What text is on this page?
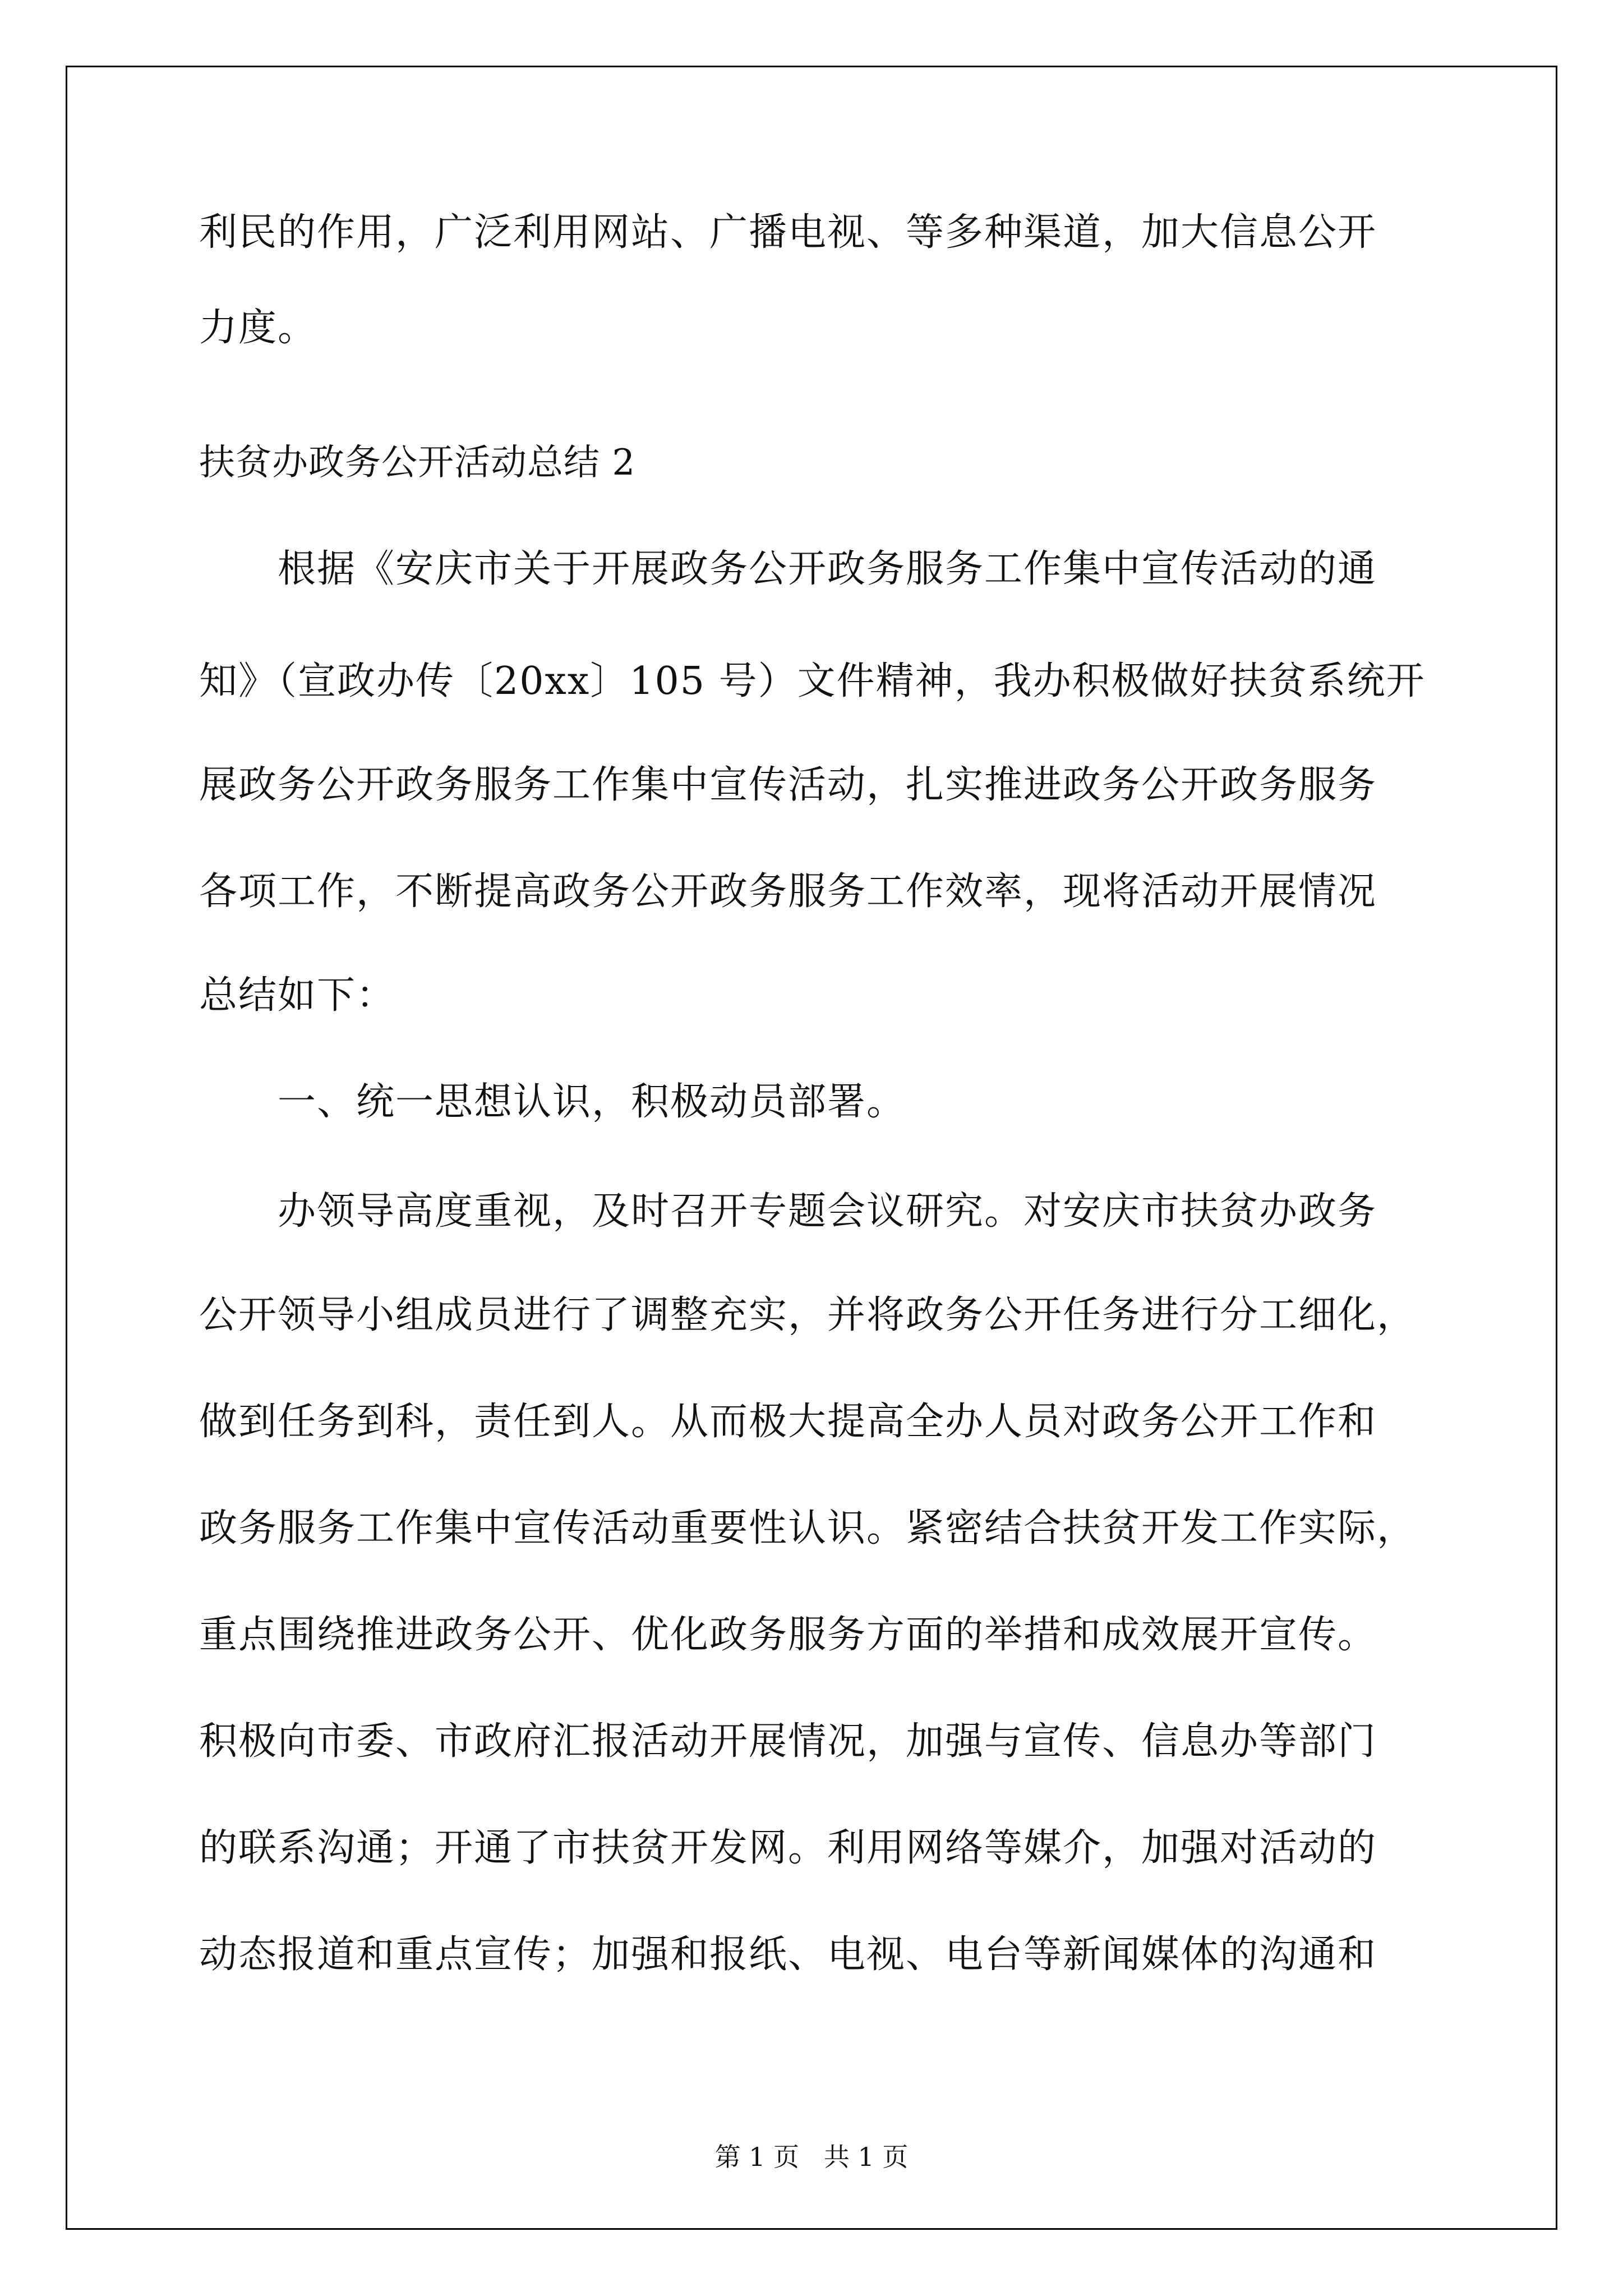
利民的作用，广泛利用网站、广播电视、等多种渠道，加大信息公开
力度。
扶贫办政务公开活动总结 2
根据《安庆市关于开展政务公开政务服务工作集中宣传活动的通
知》（宣政办传〔20xx〕105 号）文件精神，我办积极做好扶贫系统开
展政务公开政务服务工作集中宣传活动，扎实推进政务公开政务服务
各项工作，不断提高政务公开政务服务工作效率，现将活动开展情况
总结如下：
一、统一思想认识，积极动员部署。
办领导高度重视，及时召开专题会议研究。对安庆市扶贫办政务
公开领导小组成员进行了调整充实，并将政务公开任务进行分工细化，
做到任务到科，责任到人。从而极大提高全办人员对政务公开工作和
政务服务工作集中宣传活动重要性认识。紧密结合扶贫开发工作实际，
重点围绕推进政务公开、优化政务服务方面的举措和成效展开宣传。
积极向市委、市政府汇报活动开展情况，加强与宣传、信息办等部门
的联系沟通；开通了市扶贫开发网。利用网络等媒介，加强对活动的
动态报道和重点宣传；加强和报纸、电视、电台等新闻媒体的沟通和
第 1 页   共 1 页
